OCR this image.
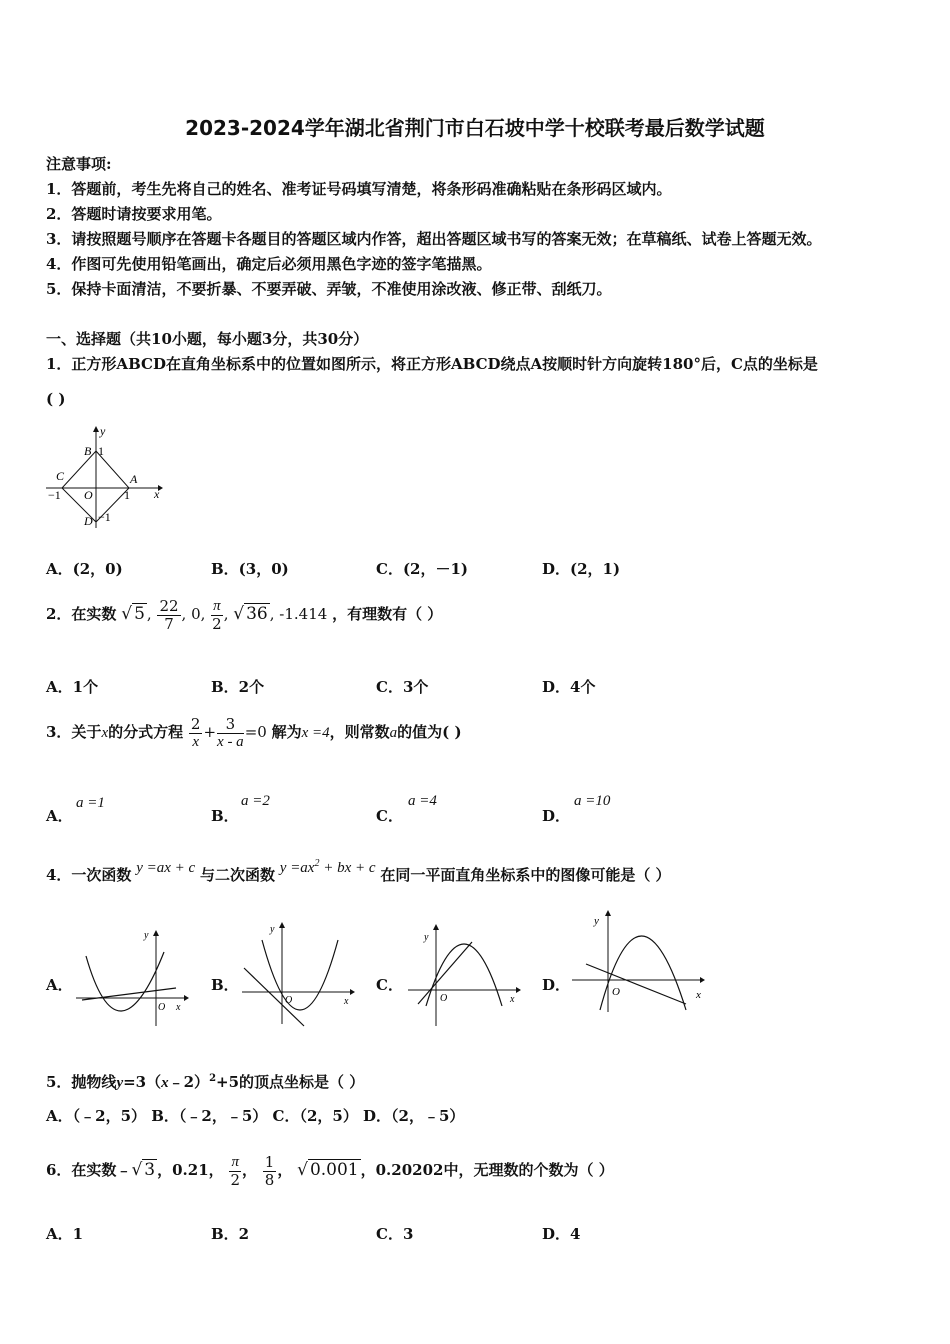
2023-2024学年湖北省荆门市白石坡中学十校联考最后数学试题
注意事项:
1．答题前，考生先将自己的姓名、准考证号码填写清楚，将条形码准确粘贴在条形码区域内。
2．答题时请按要求用笔。
3．请按照题号顺序在答题卡各题目的答题区域内作答，超出答题区域书写的答案无效；在草稿纸、试卷上答题无效。
4．作图可先使用铅笔画出，确定后必须用黑色字迹的签字笔描黑。
5．保持卡面清洁，不要折暴、不要弄破、弄皱，不准使用涂改液、修正带、刮纸刀。
一、选择题（共10小题，每小题3分，共30分）
1．正方形ABCD在直角坐标系中的位置如图所示，将正方形ABCD绕点A按顺时针方向旋转180°后，C点的坐标是
( )
y
x
B 1
C	A
−1 O	1
D −1
A．(2，0)	B．(3，0)	C．(2，－1)	D．(2，1)
2．在实数 √ 5 , $\frac{22}{7}$ , 0, $\frac{\pi}{2}$ , √ 36 , -1.414 ，有理数有（ ）
A．1个	B．2个	C．3个	D．4个
3．关于x的分式方程 $\frac{2}{x} + \frac{3}{x - a} =0$ 解为x =4，则常数a的值为( )
A．
a =1
B．
a =2
C．
a =4
D．
a =10
4．一次函数 y =ax + c 与二次函数 $y =ax^2$ + bx + c 在同一平面直角坐标系中的图像可能是（ ）
A．	B．	C．	D．
y
x
O
y
x
O
y
x
O
y
x
O
5．抛物线y=3（x﹣2）$^2$+5的顶点坐标是（ ）
A．（﹣2，5） B．（﹣2，﹣5） C．（2，5） D．（2，﹣5）
6．在实数﹣√ 3 ，0.21， $\frac{\pi}{2}$ ， $\frac{1}{8}$ ， √ 0.001 ，0.20202中，无理数的个数为（ ）
A．1	B．2	C．3	D．4
